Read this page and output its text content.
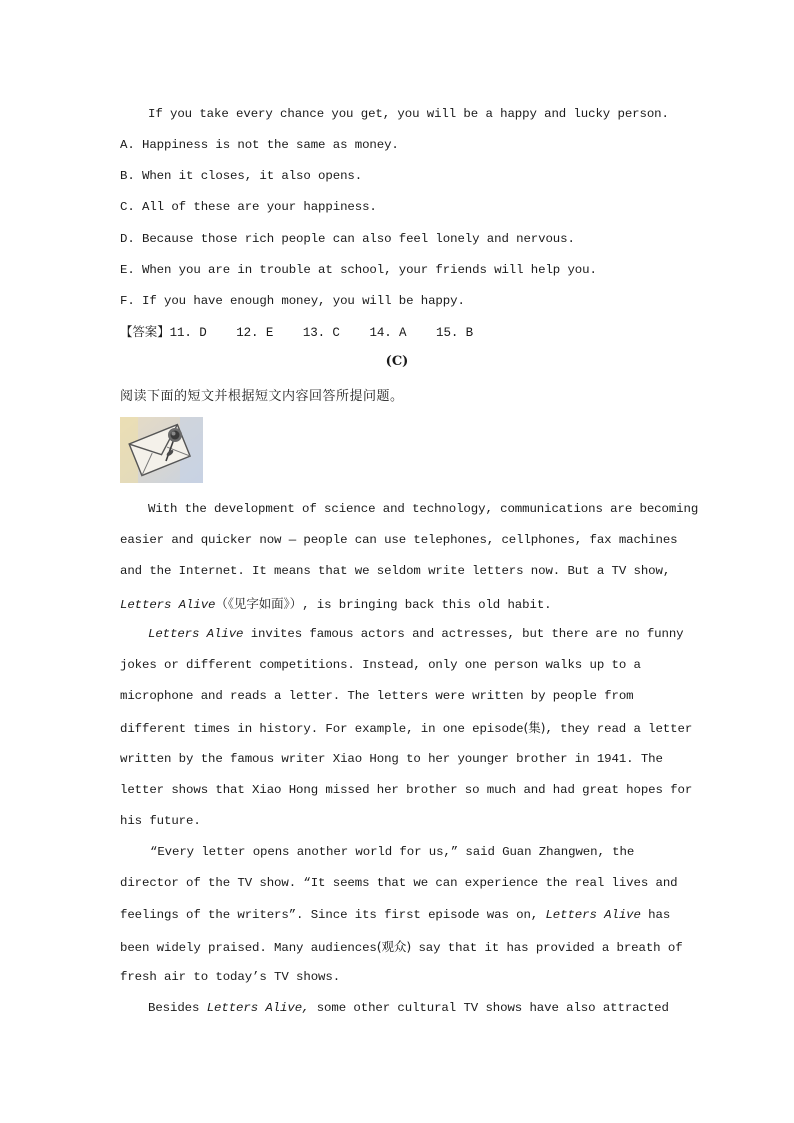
If you take every chance you get, you will be a happy and lucky person.
A. Happiness is not the same as money.
B. When it closes, it also opens.
C. All of these are your happiness.
D. Because those rich people can also feel lonely and nervous.
E. When you are in trouble at school, your friends will help you.
F. If you have enough money, you will be happy.
【答案】11. D    12. E    13. C    14. A    15. B
(C)
阅读下面的短文并根据短文内容回答所提问题。
With the development of science and technology, communications are becoming
easier and quicker now — people can use telephones, cellphones, fax machines
and the Internet. It means that we seldom write letters now. But a TV show,
Letters Alive（《见字如面》）, is bringing back this old habit.
Letters Alive invites famous actors and actresses, but there are no funny
jokes or different competitions. Instead, only one person walks up to a
microphone and reads a letter. The letters were written by people from
different times in history. For example, in one episode(集), they read a letter
written by the famous writer Xiao Hong to her younger brother in 1941. The
letter shows that Xiao Hong missed her brother so much and had great hopes for
his future.
“Every letter opens another world for us,” said Guan Zhangwen, the
director of the TV show. “It seems that we can experience the real lives and
feelings of the writers”. Since its first episode was on, Letters Alive has
been widely praised. Many audiences(观众) say that it has provided a breath of
fresh air to today’s TV shows.
Besides Letters Alive, some other cultural TV shows have also attracted
